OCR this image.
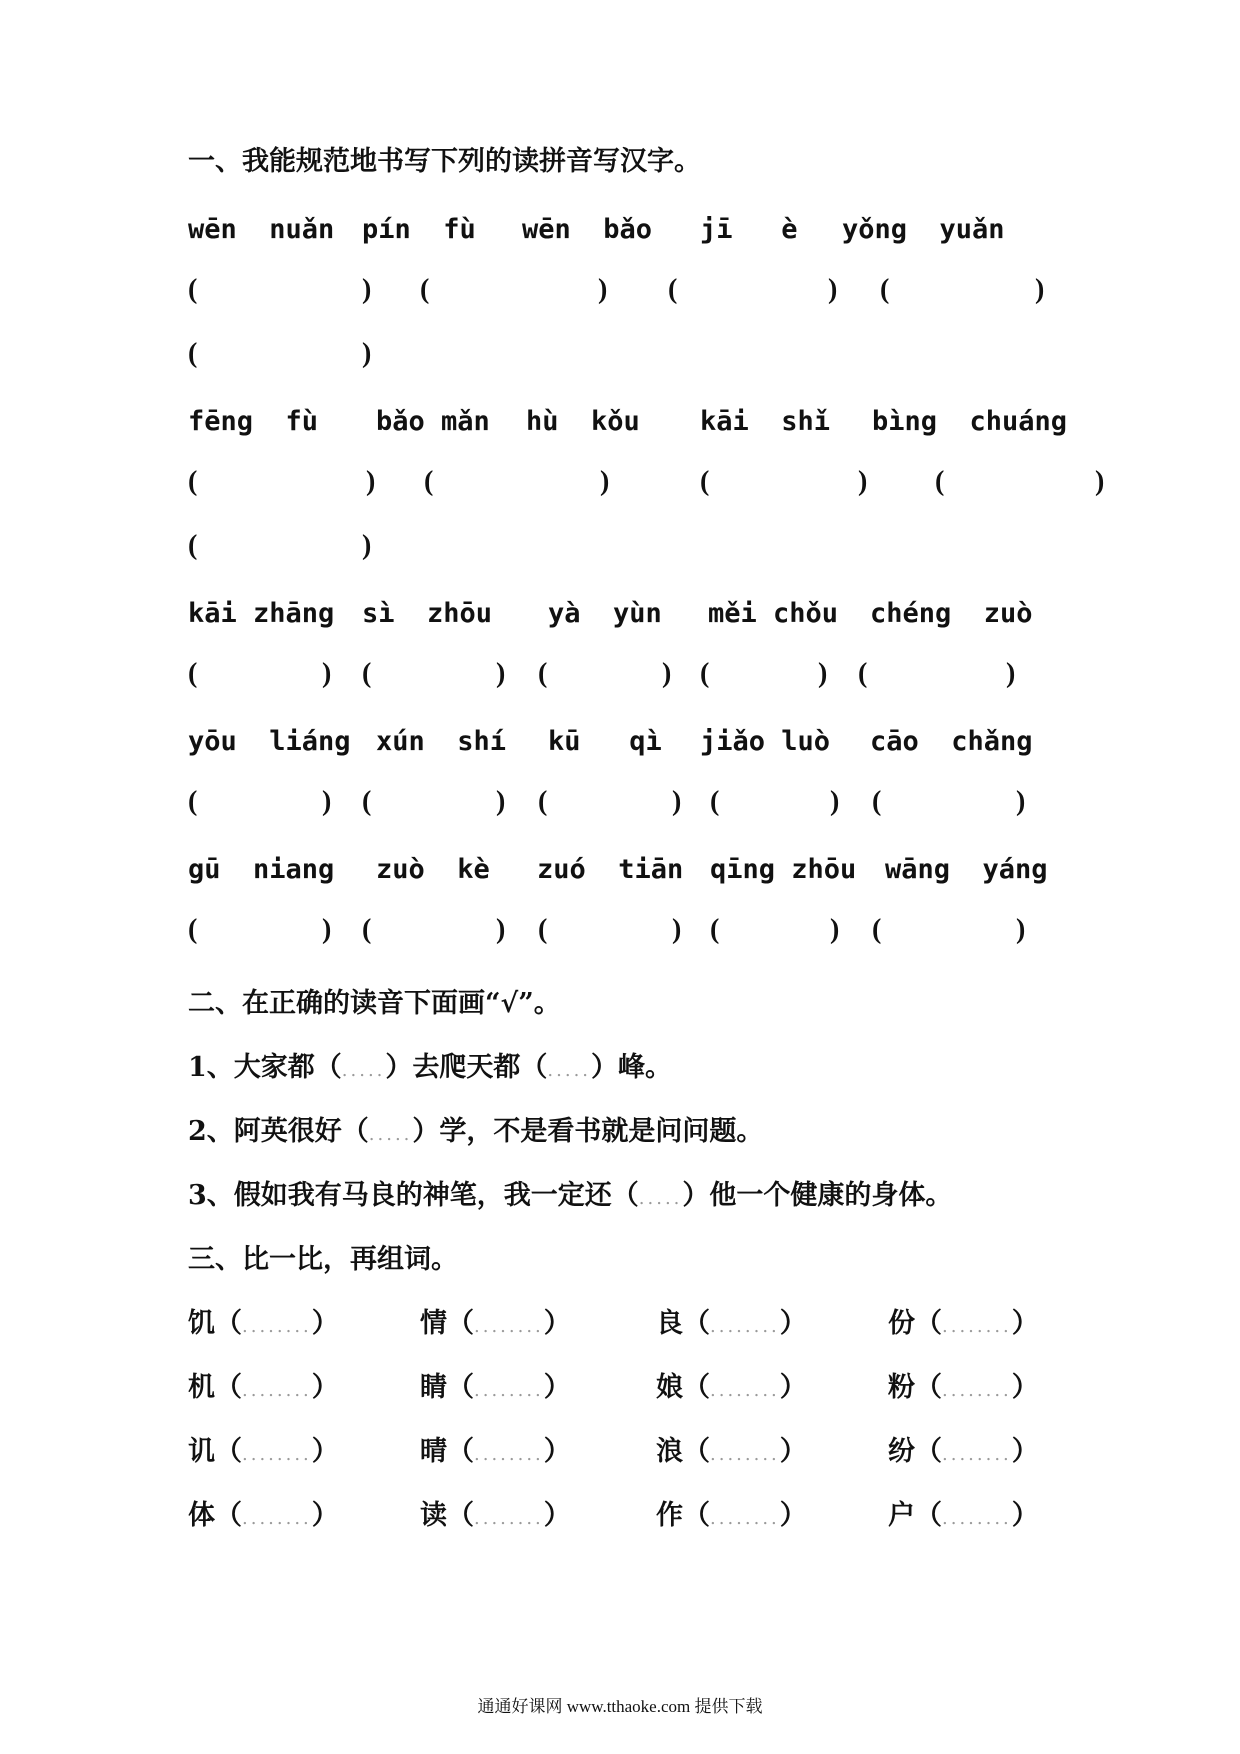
一、我能规范地书写下列的读拼音写汉字。
wēn  nuǎn pín  fù wēn  bǎo jī   è yǒng  yuǎn
(	) (	) (	) (	)
(	)
fēng  fù bǎo mǎn hù  kǒu kāi  shǐ bìng  chuáng
(	) (	)	(	) (	)
(	)
kāi zhāng sì  zhōu yà  yùn měi chǒu chéng  zuò
(	) (	) (	) (	) (	)
yōu  liáng xún  shí kū   qì jiǎo luò cāo  chǎng
(	) (	) (	) (	) (	)
gū  niang zuò  kè zuó  tiān qīng zhōu wāng  yáng
(	) (	) (	) (	) (	)
二、在正确的读音下面画“√”。
1、大家都（.....）去爬天都（.....）峰。
2、阿英很好（.....）学，不是看书就是问问题。
3、假如我有马良的神笔，我一定还（.....）他一个健康的身体。
三、比一比，再组词。
饥（........）	情（........）	良（........）	份（........）
机（........）	睛（........）	娘（........）	粉（........）
讥（........）	晴（........）	浪（........）	纷（........）
体（........）	读（........）	作（........）	户（........）
通通好课网 www.tthaoke.com 提供下载
